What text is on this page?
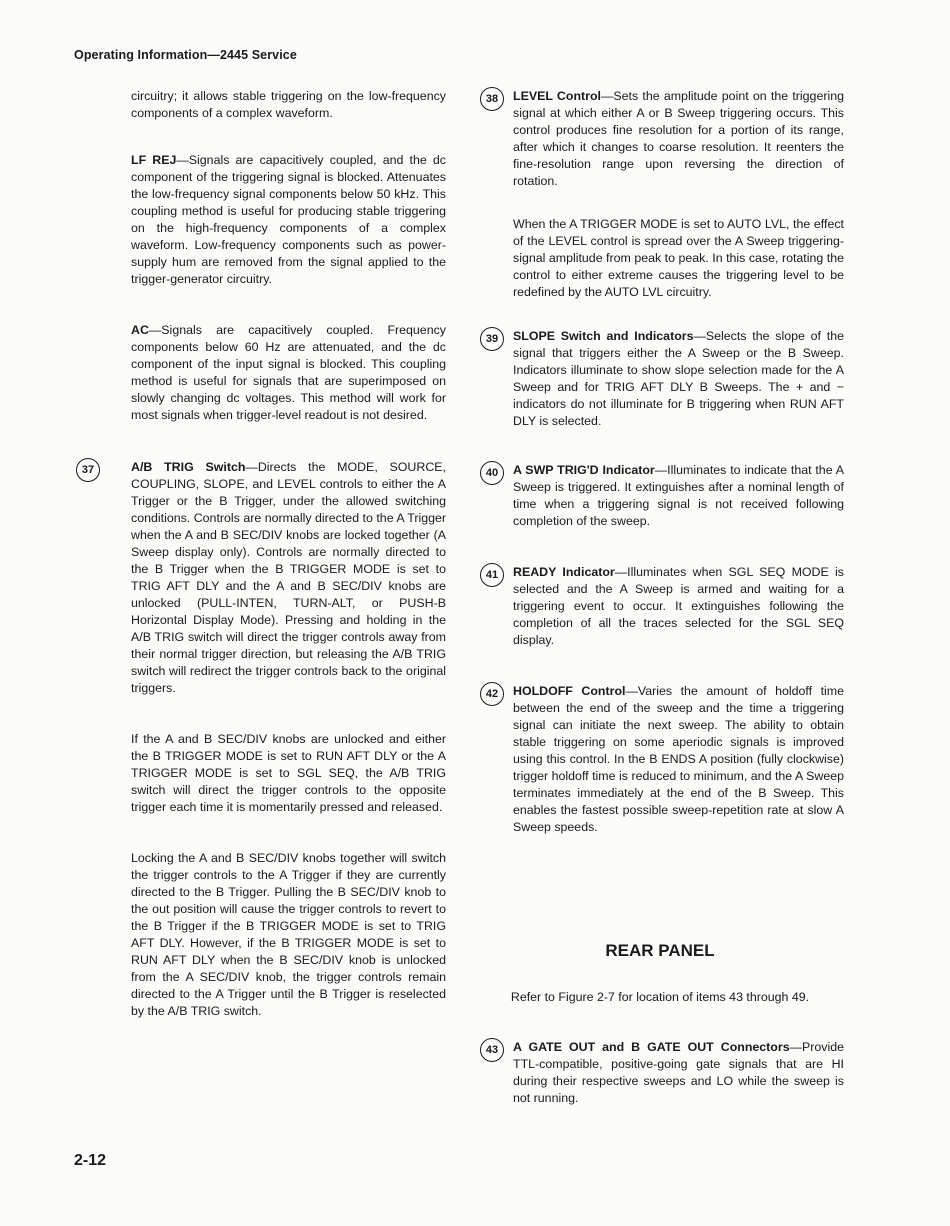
Operating Information—2445 Service

circuitry; it allows stable triggering on the low-frequency components of a complex waveform.

LF REJ—Signals are capacitively coupled, and the dc component of the triggering signal is blocked. Attenuates the low-frequency signal components below 50 kHz. This coupling method is useful for producing stable triggering on the high-frequency components of a complex waveform. Low-frequency components such as power-supply hum are removed from the signal applied to the trigger-generator circuitry.

AC—Signals are capacitively coupled. Frequency components below 60 Hz are attenuated, and the dc component of the input signal is blocked. This coupling method is useful for signals that are superimposed on slowly changing dc voltages. This method will work for most signals when trigger-level readout is not desired.

37	A/B TRIG Switch—Directs the MODE, SOURCE, COUPLING, SLOPE, and LEVEL controls to either the A Trigger or the B Trigger, under the allowed switching conditions. Controls are normally directed to the A Trigger when the A and B SEC/DIV knobs are locked together (A Sweep display only). Controls are normally directed to the B Trigger when the B TRIGGER MODE is set to TRIG AFT DLY and the A and B SEC/DIV knobs are unlocked (PULL-INTEN, TURN-ALT, or PUSH-B Horizontal Display Mode). Pressing and holding in the A/B TRIG switch will direct the trigger controls away from their normal trigger direction, but releasing the A/B TRIG switch will redirect the trigger controls back to the original triggers.

If the A and B SEC/DIV knobs are unlocked and either the B TRIGGER MODE is set to RUN AFT DLY or the A TRIGGER MODE is set to SGL SEQ, the A/B TRIG switch will direct the trigger controls to the opposite trigger each time it is momentarily pressed and released.

Locking the A and B SEC/DIV knobs together will switch the trigger controls to the A Trigger if they are currently directed to the B Trigger. Pulling the B SEC/DIV knob to the out position will cause the trigger controls to revert to the B Trigger if the B TRIGGER MODE is set to TRIG AFT DLY. However, if the B TRIGGER MODE is set to RUN AFT DLY when the B SEC/DIV knob is unlocked from the A SEC/DIV knob, the trigger controls remain directed to the A Trigger until the B Trigger is reselected by the A/B TRIG switch.

38	LEVEL Control—Sets the amplitude point on the triggering signal at which either A or B Sweep triggering occurs. This control produces fine resolution for a portion of its range, after which it changes to coarse resolution. It reenters the fine-resolution range upon reversing the direction of rotation.

When the A TRIGGER MODE is set to AUTO LVL, the effect of the LEVEL control is spread over the A Sweep triggering-signal amplitude from peak to peak. In this case, rotating the control to either extreme causes the triggering level to be redefined by the AUTO LVL circuitry.

39	SLOPE Switch and Indicators—Selects the slope of the signal that triggers either the A Sweep or the B Sweep. Indicators illuminate to show slope selection made for the A Sweep and for TRIG AFT DLY B Sweeps. The + and − indicators do not illuminate for B triggering when RUN AFT DLY is selected.

40	A SWP TRIG'D Indicator—Illuminates to indicate that the A Sweep is triggered. It extinguishes after a nominal length of time when a triggering signal is not received following completion of the sweep.

41	READY Indicator—Illuminates when SGL SEQ MODE is selected and the A Sweep is armed and waiting for a triggering event to occur. It extinguishes following the completion of all the traces selected for the SGL SEQ display.

42	HOLDOFF Control—Varies the amount of holdoff time between the end of the sweep and the time a triggering signal can initiate the next sweep. The ability to obtain stable triggering on some aperiodic signals is improved using this control. In the B ENDS A position (fully clockwise) trigger holdoff time is reduced to minimum, and the A Sweep terminates immediately at the end of the B Sweep. This enables the fastest possible sweep-repetition rate at slow A Sweep speeds.

REAR PANEL
Refer to Figure 2-7 for location of items 43 through 49.
43	A GATE OUT and B GATE OUT Connectors—Provide TTL-compatible, positive-going gate signals that are HI during their respective sweeps and LO while the sweep is not running.

2-12
